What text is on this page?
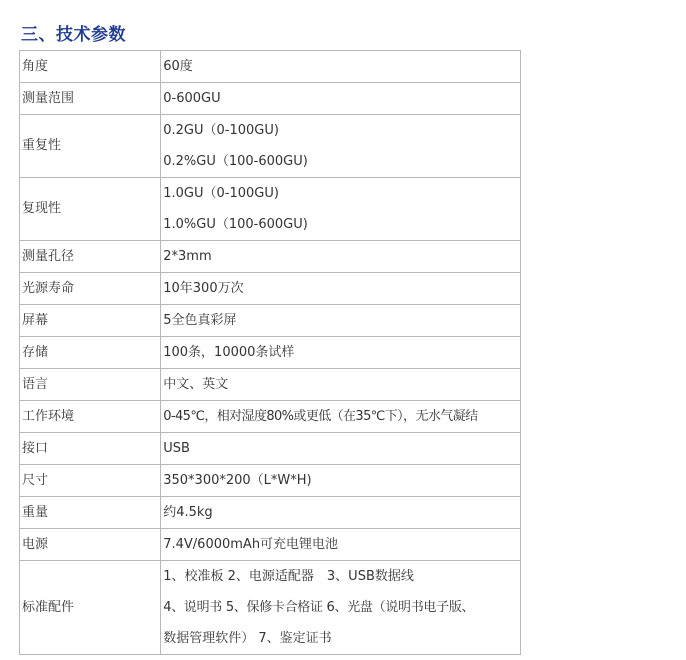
三、技术参数
角度	60度

测量范围	0-600GU

重复性	0.2GU（0-100GU)
0.2%GU（100-600GU)

复现性	1.0GU（0-100GU)
1.0%GU（100-600GU)

测量孔径	2*3mm

光源寿命	10年300万次

屏幕	5全色真彩屏

存储	100条，10000条试样

语言	中文、英文

工作环境	0-45℃，相对湿度80%或更低（在35℃下），无水气凝结

接口	USB

尺寸	350*300*200（L*W*H)

重量	约4.5kg

电源	7.4V/6000mAh可充电锂电池

标准配件	1、校准板 2、电源适配器　3、USB数据线
4、说明书 5、保修卡合格证 6、光盘（说明书电子版、
数据管理软件） 7、鉴定证书
